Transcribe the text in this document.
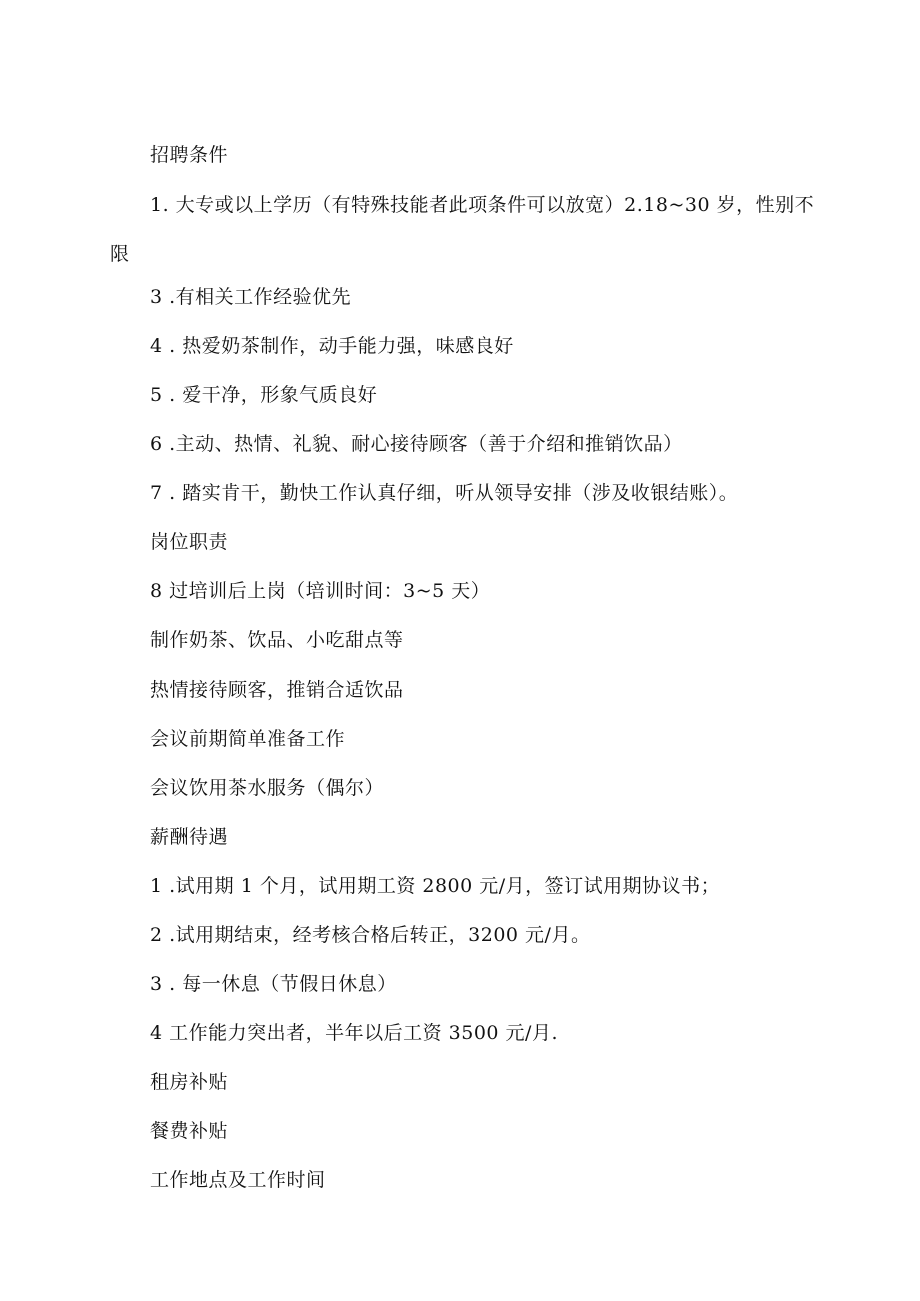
招聘条件
1. 大专或以上学历（有特殊技能者此项条件可以放宽）2.18~30 岁，性别不
限
3 .有相关工作经验优先
4 . 热爱奶茶制作，动手能力强，味感良好
5 . 爱干净，形象气质良好
6 .主动、热情、礼貌、耐心接待顾客（善于介绍和推销饮品）
7 . 踏实肯干，勤快工作认真仔细，听从领导安排（涉及收银结账）。
岗位职责
8 过培训后上岗（培训时间：3~5 天）
制作奶茶、饮品、小吃甜点等
热情接待顾客，推销合适饮品
会议前期简单准备工作
会议饮用茶水服务（偶尔）
薪酬待遇
1 .试用期 1 个月，试用期工资 2800 元/月，签订试用期协议书；
2 .试用期结束，经考核合格后转正，3200 元/月。
3 . 每一休息（节假日休息）
4 工作能力突出者，半年以后工资 3500 元/月.
租房补贴
餐费补贴
工作地点及工作时间
